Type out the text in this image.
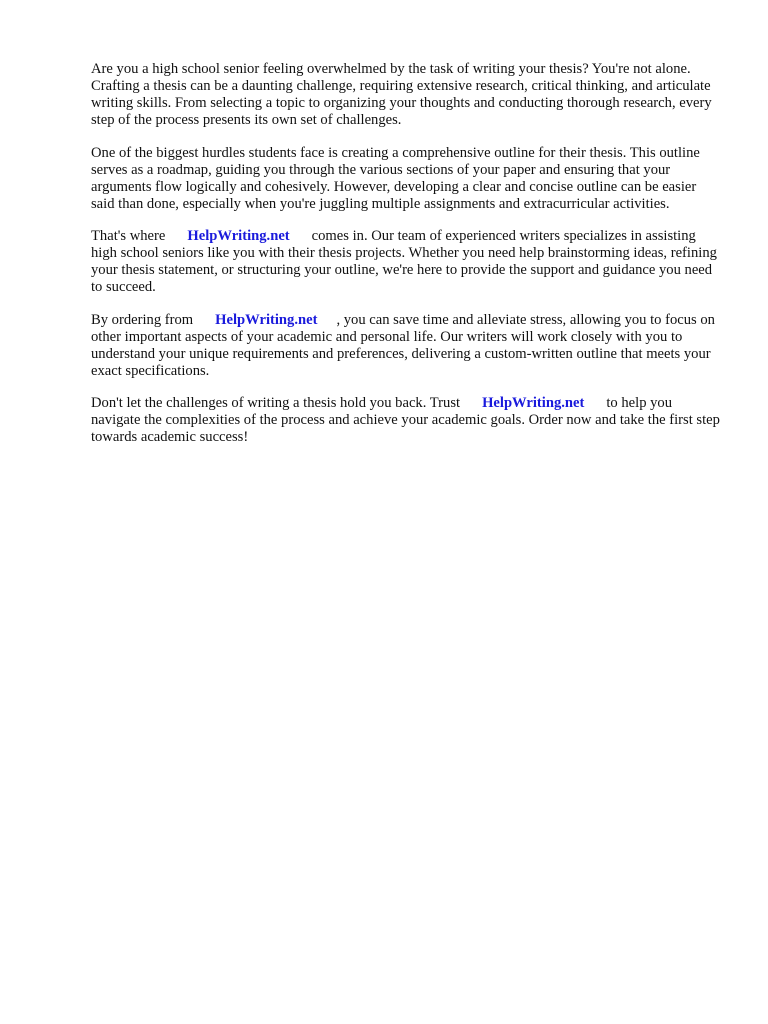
Are you a high school senior feeling overwhelmed by the task of writing your thesis? You're not alone. Crafting a thesis can be a daunting challenge, requiring extensive research, critical thinking, and articulate writing skills. From selecting a topic to organizing your thoughts and conducting thorough research, every step of the process presents its own set of challenges.

One of the biggest hurdles students face is creating a comprehensive outline for their thesis. This outline serves as a roadmap, guiding you through the various sections of your paper and ensuring that your arguments flow logically and cohesively. However, developing a clear and concise outline can be easier said than done, especially when you're juggling multiple assignments and extracurricular activities.

That's where HelpWriting.net comes in. Our team of experienced writers specializes in assisting high school seniors like you with their thesis projects. Whether you need help brainstorming ideas, refining your thesis statement, or structuring your outline, we're here to provide the support and guidance you need to succeed.

By ordering from HelpWriting.net , you can save time and alleviate stress, allowing you to focus on other important aspects of your academic and personal life. Our writers will work closely with you to understand your unique requirements and preferences, delivering a custom-written outline that meets your exact specifications.

Don't let the challenges of writing a thesis hold you back. Trust HelpWriting.net to help you navigate the complexities of the process and achieve your academic goals. Order now and take the first step towards academic success!
